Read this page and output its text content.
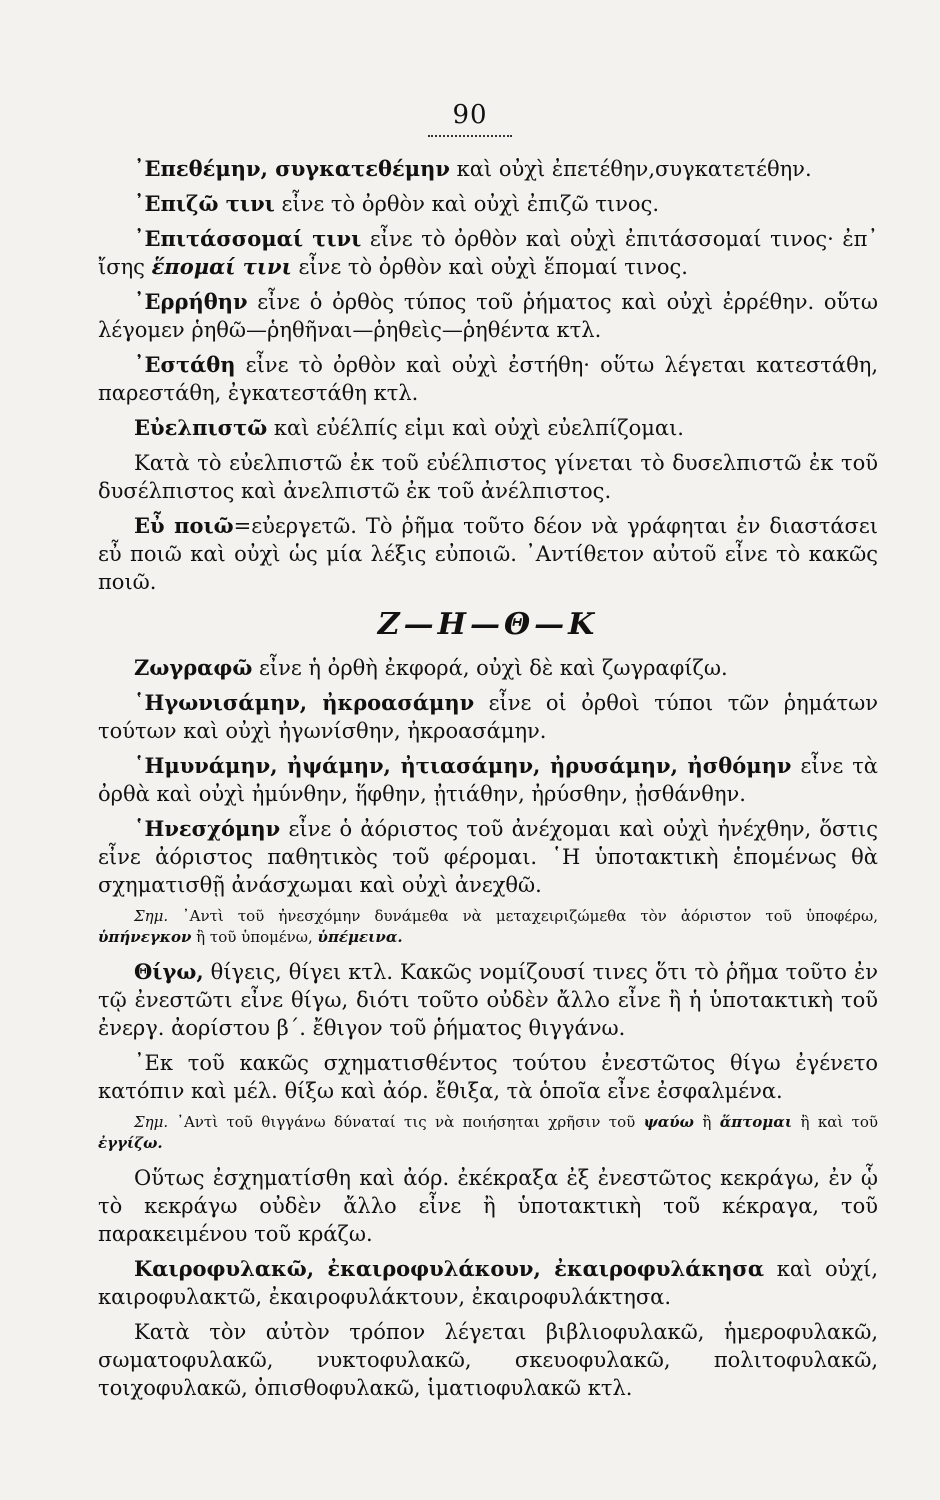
90

᾿Επεθέμην, συγκατεθέμην καὶ οὐχὶ ἐπετέθην,συγκατετέθην.

᾿Επιζῶ τινι εἶνε τὸ ὀρθὸν καὶ οὐχὶ ἐπιζῶ τινος.

᾿Επιτάσσομαί τινι εἶνε τὸ ὀρθὸν καὶ οὐχὶ ἐπιτάσσομαί τινος· ἐπ᾿ ἴσης ἕπομαί τινι εἶνε τὸ ὀρθὸν καὶ οὐχὶ ἕπομαί τινος.

᾿Ερρήθην εἶνε ὁ ὀρθὸς τύπος τοῦ ῥήματος καὶ οὐχὶ ἐρρέθην. οὕτω λέγομεν ῥηθῶ—ῥηθῆναι—ῥηθεὶς—ῥηθέντα κτλ.

᾿Εστάθη εἶνε τὸ ὀρθὸν καὶ οὐχὶ ἐστήθη· οὕτω λέγεται κατεστάθη, παρεστάθη, ἐγκατεστάθη κτλ.

Εὐελπιστῶ καὶ εὐέλπίς εἰμι καὶ οὐχὶ εὐελπίζομαι.

Κατὰ τὸ εὐελπιστῶ ἐκ τοῦ εὐέλπιστος γίνεται τὸ δυσελπιστῶ ἐκ τοῦ δυσέλπιστος καὶ ἀνελπιστῶ ἐκ τοῦ ἀνέλπιστος.

Εὖ ποιῶ=εὐεργετῶ. Τὸ ῥῆμα τοῦτο δέον νὰ γράφηται ἐν διαστάσει εὖ ποιῶ καὶ οὐχὶ ὡς μία λέξις εὐποιῶ. ᾿Αντίθετον αὐτοῦ εἶνε τὸ κακῶς ποιῶ.

Ζ—Η—Θ—Κ

Ζωγραφῶ εἶνε ἡ ὀρθὴ ἐκφορά, οὐχὶ δὲ καὶ ζωγραφίζω.

῾Ηγωνισάμην, ἠκροασάμην εἶνε οἱ ὀρθοὶ τύποι τῶν ῥημάτων τούτων καὶ οὐχὶ ἠγωνίσθην, ἠκροασάμην.

῾Ημυνάμην, ἠψάμην, ἠτιασάμην, ἠρυσάμην, ἠσθόμην εἶνε τὰ ὀρθὰ καὶ οὐχὶ ἠμύνθην, ἥφθην, ᾐτιάθην, ἠρύσθην, ᾐσθάνθην.

῾Ηνεσχόμην εἶνε ὁ ἀόριστος τοῦ ἀνέχομαι καὶ οὐχὶ ἠνέχθην, ὅστις εἶνε ἀόριστος παθητικὸς τοῦ φέρομαι. ῾Η ὑποτακτικὴ ἑπομένως θὰ σχηματισθῇ ἀνάσχωμαι καὶ οὐχὶ ἀνεχθῶ.

Σημ. ᾿Αντὶ τοῦ ἠνεσχόμην δυνάμεθα νὰ μεταχειριζώμεθα τὸν ἀόριστον τοῦ ὑποφέρω, ὑπήνεγκον ἢ τοῦ ὑπομένω, ὑπέμεινα.

Θίγω, θίγεις, θίγει κτλ. Κακῶς νομίζουσί τινες ὅτι τὸ ῥῆμα τοῦτο ἐν τῷ ἐνεστῶτι εἶνε θίγω, διότι τοῦτο οὐδὲν ἄλλο εἶνε ἢ ἡ ὑποτακτικὴ τοῦ ἐνεργ. ἀορίστου β΄. ἔθιγον τοῦ ῥήματος θιγγάνω.

᾿Εκ τοῦ κακῶς σχηματισθέντος τούτου ἐνεστῶτος θίγω ἐγένετο κατόπιν καὶ μέλ. θίξω καὶ ἀόρ. ἔθιξα, τὰ ὁποῖα εἶνε ἐσφαλμένα.

Σημ. ᾿Αντὶ τοῦ θιγγάνω δύναταί τις νὰ ποιήσηται χρῆσιν τοῦ ψαύω ἢ ἅπτομαι ἢ καὶ τοῦ ἐγγίζω.

Οὕτως ἐσχηματίσθη καὶ ἀόρ. ἐκέκραξα ἐξ ἐνεστῶτος κεκράγω, ἐν ᾧ τὸ κεκράγω οὐδὲν ἄλλο εἶνε ἢ ὑποτακτικὴ τοῦ κέκραγα, τοῦ παρακειμένου τοῦ κράζω.

Καιροφυλακῶ, ἐκαιροφυλάκουν, ἐκαιροφυλάκησα καὶ οὐχί, καιροφυλακτῶ, ἐκαιροφυλάκτουν, ἐκαιροφυλάκτησα.

Κατὰ τὸν αὐτὸν τρόπον λέγεται βιβλιοφυλακῶ, ἡμεροφυλακῶ, σωματοφυλακῶ, νυκτοφυλακῶ, σκευοφυλακῶ, πολιτοφυλακῶ, τοιχοφυλακῶ, ὀπισθοφυλακῶ, ἱματιοφυλακῶ κτλ.
